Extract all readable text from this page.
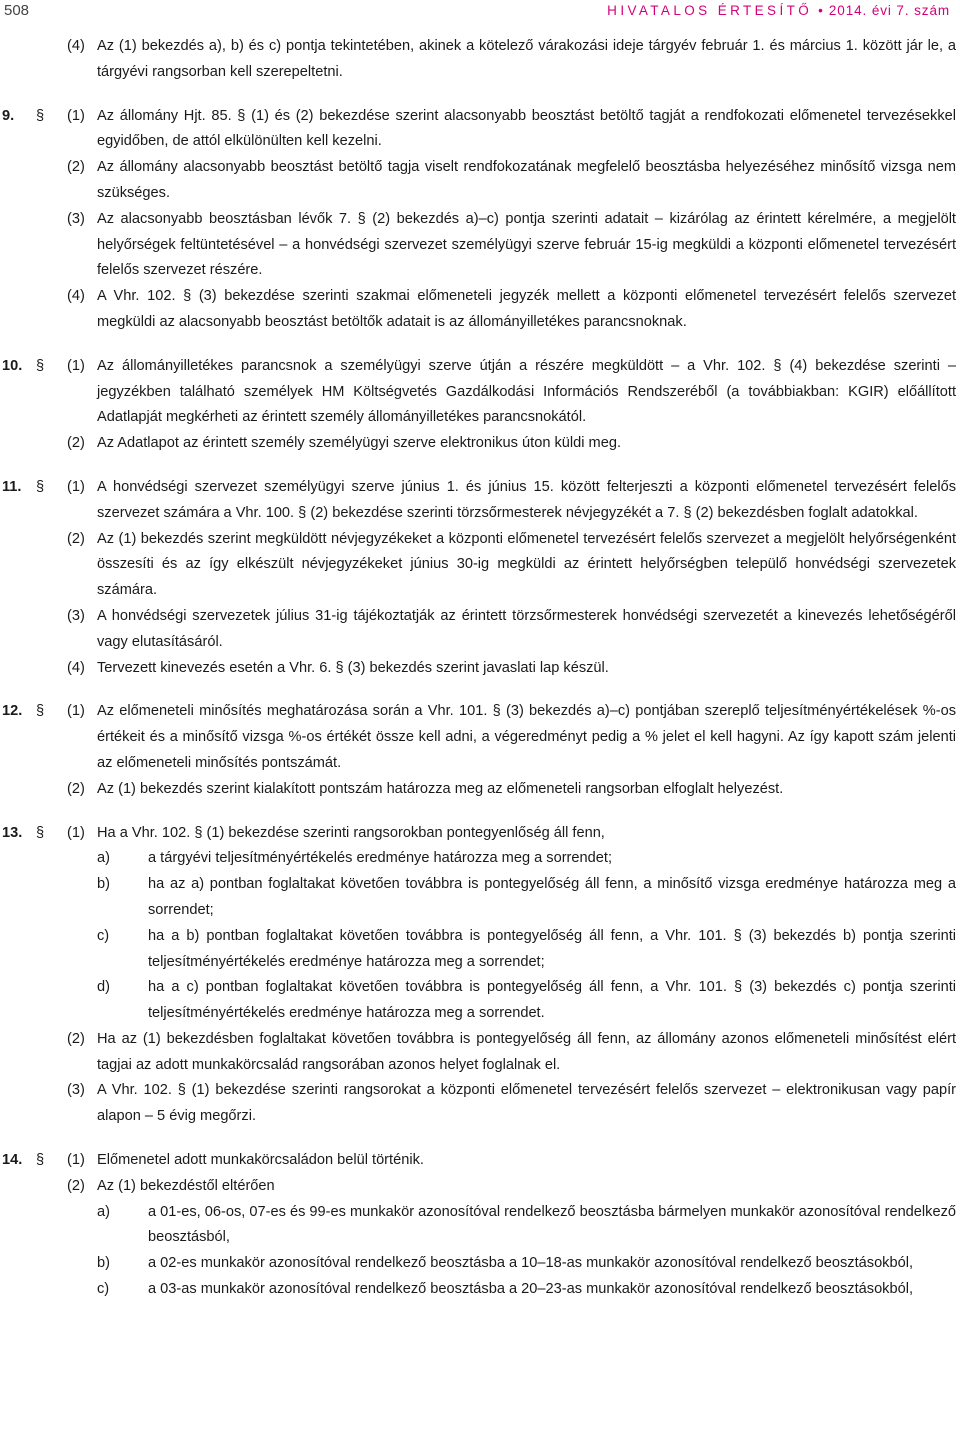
508	HIVATALOS ÉRTESÍTŐ • 2014. évi 7. szám
(4) Az (1) bekezdés a), b) és c) pontja tekintetében, akinek a kötelező várakozási ideje tárgyév február 1. és március 1. között jár le, a tárgyévi rangsorban kell szerepeltetni.
9. § (1) Az állomány Hjt. 85. § (1) és (2) bekezdése szerint alacsonyabb beosztást betöltő tagját a rendfokozati előmenetel tervezésekkel egyidőben, de attól elkülönülten kell kezelni.
(2) Az állomány alacsonyabb beosztást betöltő tagja viselt rendfokozatának megfelelő beosztásba helyezéséhez minősítő vizsga nem szükséges.
(3) Az alacsonyabb beosztásban lévők 7. § (2) bekezdés a)–c) pontja szerinti adatait – kizárólag az érintett kérelmére, a megjelölt helyőrségek feltüntetésével – a honvédségi szervezet személyügyi szerve február 15-ig megküldi a központi előmenetel tervezésért felelős szervezet részére.
(4) A Vhr. 102. § (3) bekezdése szerinti szakmai előmeneteli jegyzék mellett a központi előmenetel tervezésért felelős szervezet megküldi az alacsonyabb beosztást betöltők adatait is az állományilletékes parancsnoknak.
10. § (1) Az állományilletékes parancsnok a személyügyi szerve útján a részére megküldött – a Vhr. 102. § (4) bekezdése szerinti – jegyzékben található személyek HM Költségvetés Gazdálkodási Információs Rendszeréből (a továbbiakban: KGIR) előállított Adatlapját megkérheti az érintett személy állományilletékes parancsnokától.
(2) Az Adatlapot az érintett személy személyügyi szerve elektronikus úton küldi meg.
11. § (1) A honvédségi szervezet személyügyi szerve június 1. és június 15. között felterjeszti a központi előmenetel tervezésért felelős szervezet számára a Vhr. 100. § (2) bekezdése szerinti törzsőrmesterek névjegyzékét a 7. § (2) bekezdésben foglalt adatokkal.
(2) Az (1) bekezdés szerint megküldött névjegyzékeket a központi előmenetel tervezésért felelős szervezet a megjelölt helyőrségenként összesíti és az így elkészült névjegyzékeket június 30-ig megküldi az érintett helyőrségben települő honvédségi szervezetek számára.
(3) A honvédségi szervezetek július 31-ig tájékoztatják az érintett törzsőrmesterek honvédségi szervezetét a kinevezés lehetőségéről vagy elutasításáról.
(4) Tervezett kinevezés esetén a Vhr. 6. § (3) bekezdés szerint javaslati lap készül.
12. § (1) Az előmeneteli minősítés meghatározása során a Vhr. 101. § (3) bekezdés a)–c) pontjában szereplő teljesítményértékelések %-os értékeit és a minősítő vizsga %-os értékét össze kell adni, a végeredményt pedig a % jelet el kell hagyni. Az így kapott szám jelenti az előmeneteli minősítés pontszámát.
(2) Az (1) bekezdés szerint kialakított pontszám határozza meg az előmeneteli rangsorban elfoglalt helyezést.
13. § (1) Ha a Vhr. 102. § (1) bekezdése szerinti rangsorokban pontegyenlőség áll fenn,
a)	a tárgyévi teljesítményértékelés eredménye határozza meg a sorrendet;
b)	ha az a) pontban foglaltakat követően továbbra is pontegyelőség áll fenn, a minősítő vizsga eredménye határozza meg a sorrendet;
c)	ha a b) pontban foglaltakat követően továbbra is pontegyelőség áll fenn, a Vhr. 101. § (3) bekezdés b) pontja szerinti teljesítményértékelés eredménye határozza meg a sorrendet;
d)	ha a c) pontban foglaltakat követően továbbra is pontegyelőség áll fenn, a Vhr. 101. § (3) bekezdés c) pontja szerinti teljesítményértékelés eredménye határozza meg a sorrendet.
(2) Ha az (1) bekezdésben foglaltakat követően továbbra is pontegyelőség áll fenn, az állomány azonos előmeneteli minősítést elért tagjai az adott munkakörcsalád rangsorában azonos helyet foglalnak el.
(3) A Vhr. 102. § (1) bekezdése szerinti rangsorokat a központi előmenetel tervezésért felelős szervezet – elektronikusan vagy papír alapon – 5 évig megőrzi.
14. § (1) Előmenetel adott munkakörcsaládon belül történik.
(2) Az (1) bekezdéstől eltérően
a)	a 01-es, 06-os, 07-es és 99-es munkakör azonosítóval rendelkező beosztásba bármelyen munkakör azonosítóval rendelkező beosztásból,
b)	a 02-es munkakör azonosítóval rendelkező beosztásba a 10–18-as munkakör azonosítóval rendelkező beosztásokból,
c)	a 03-as munkakör azonosítóval rendelkező beosztásba a 20–23-as munkakör azonosítóval rendelkező beosztásokból,
